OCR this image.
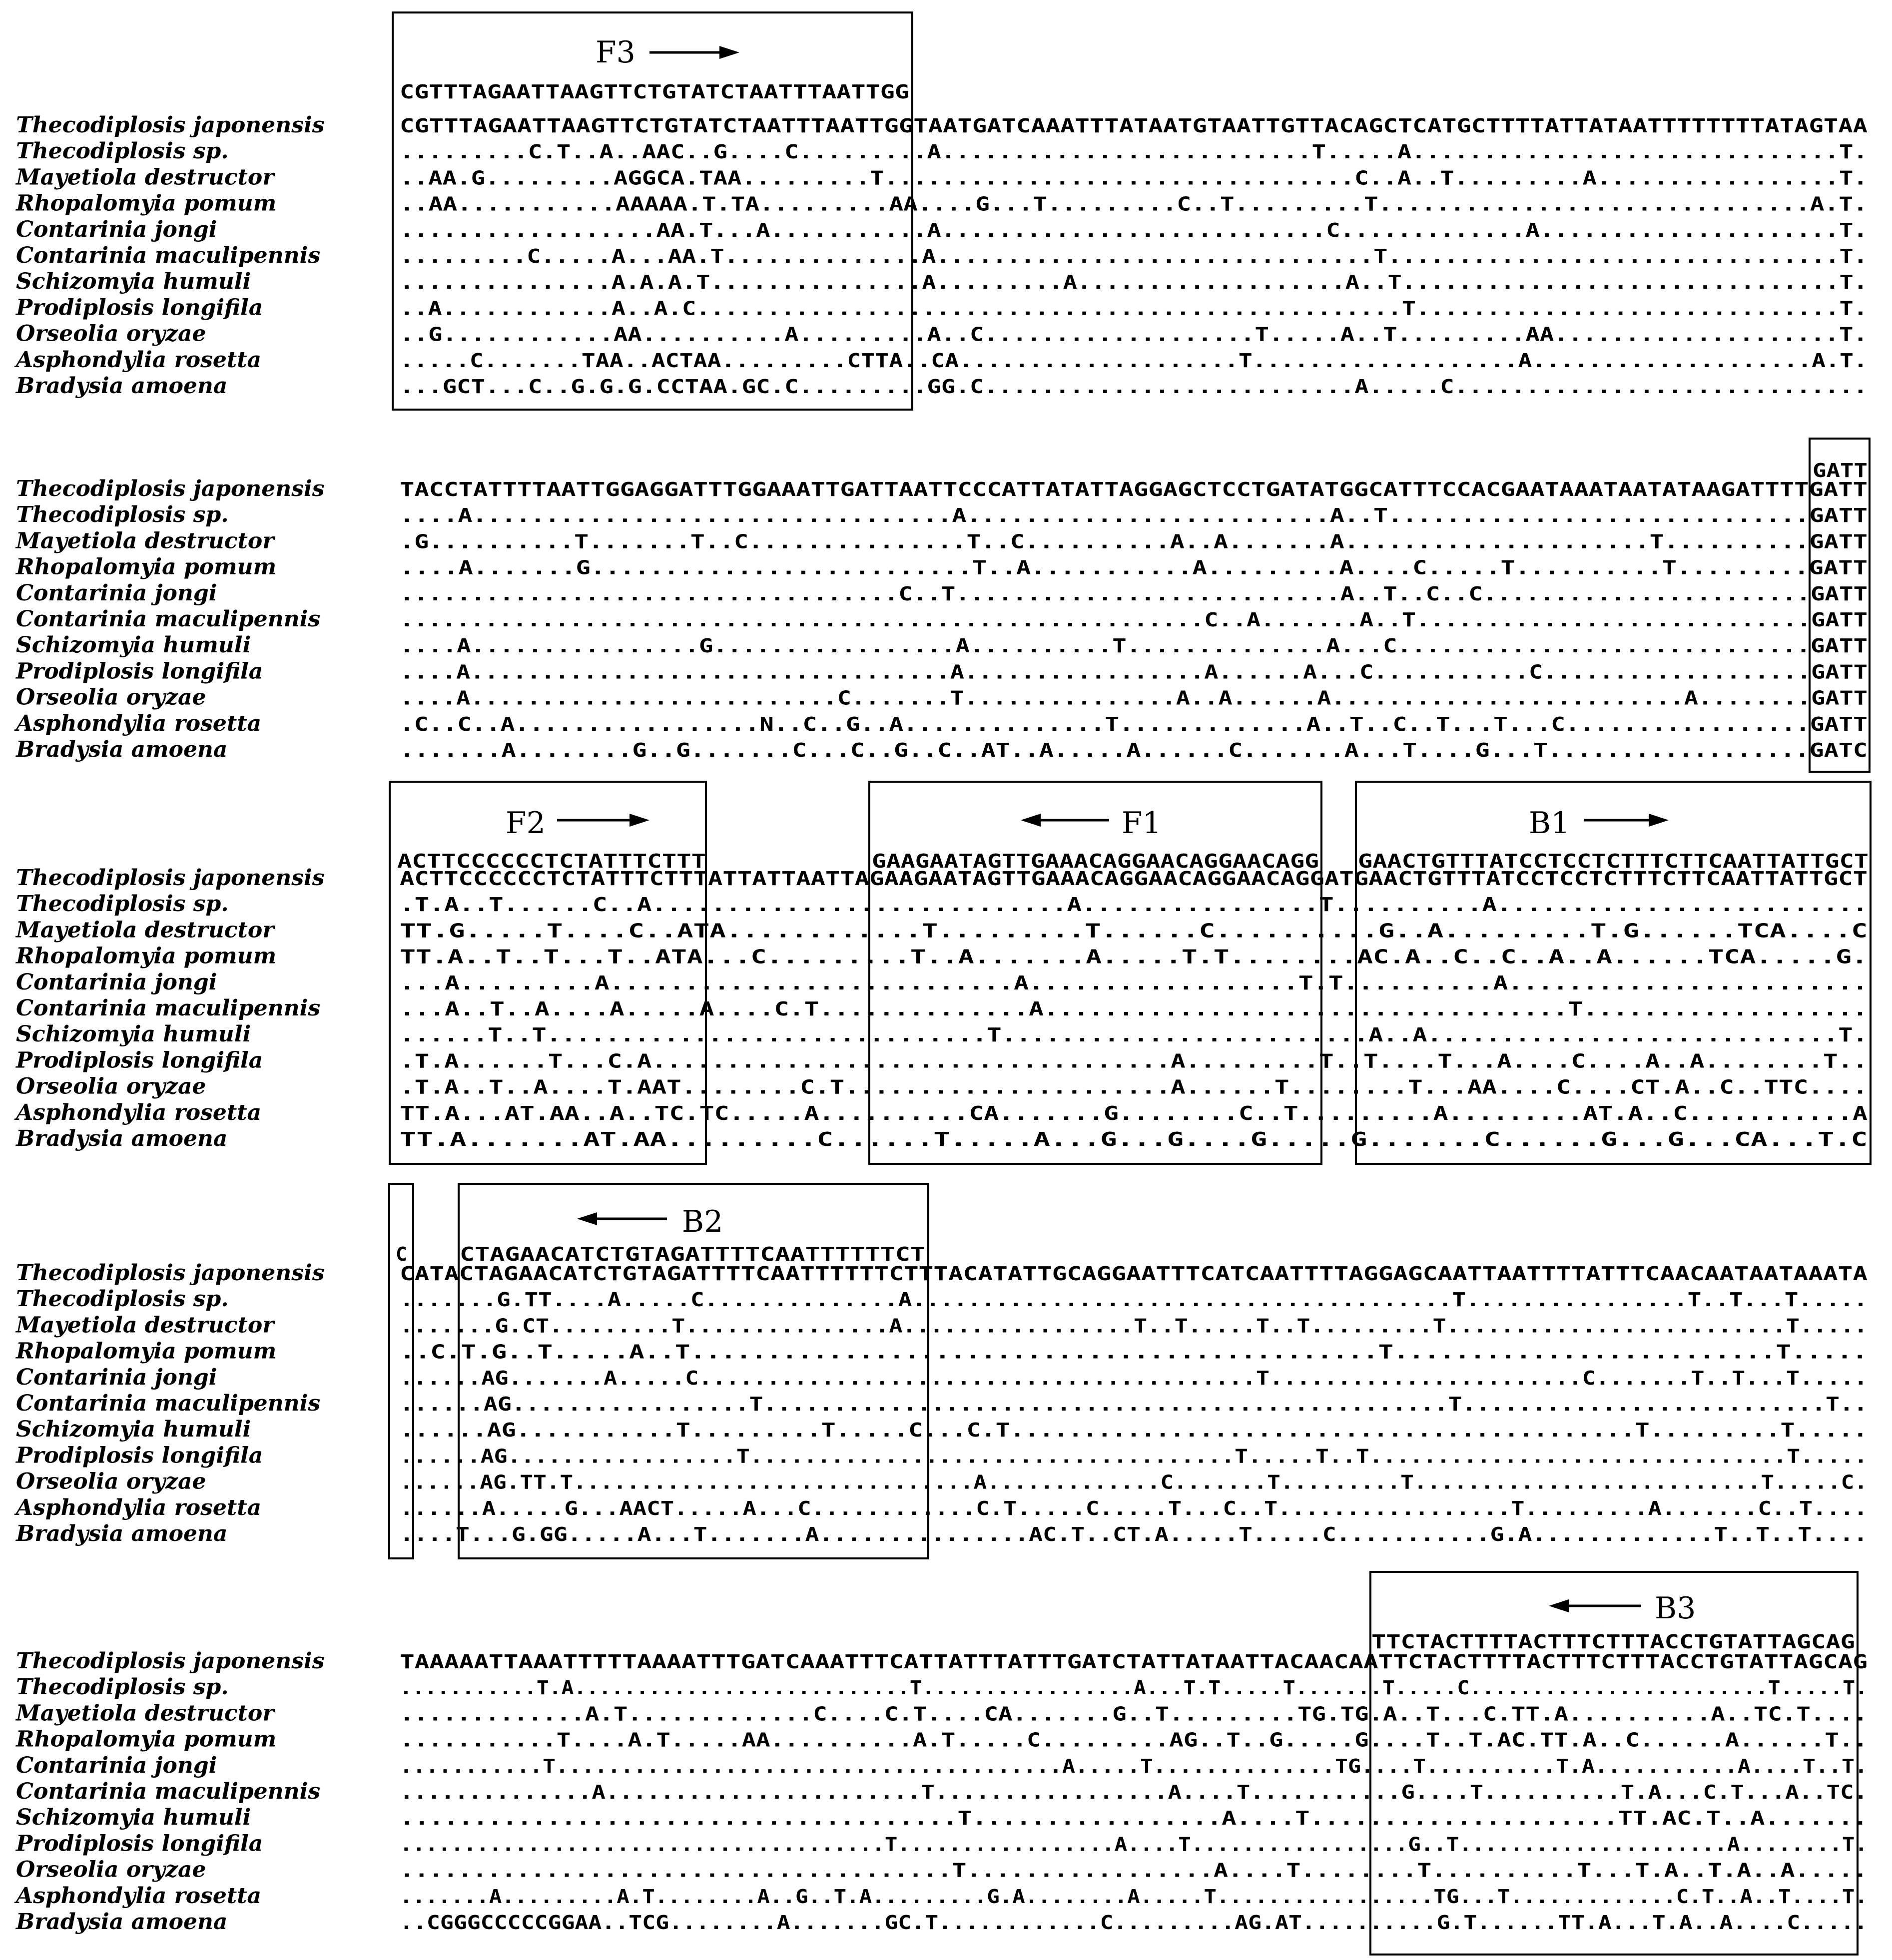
Thecodiplosis japonensis
Thecodiplosis sp.
Mayetiola destructor
Rhopalomyia pomum
Contarinia jongi
Contarinia maculipennis
Schizomyia humuli
Prodiplosis longifila
Orseolia oryzae
Asphondylia rosetta
Bradysia amoena
Thecodiplosis japonensis
Thecodiplosis sp.
Mayetiola destructor
Rhopalomyia pomum
Contarinia jongi
Contarinia maculipennis
Schizomyia humuli
Prodiplosis longifila
Orseolia oryzae
Asphondylia rosetta
Bradysia amoena
Thecodiplosis japonensis
Thecodiplosis sp.
Mayetiola destructor
Rhopalomyia pomum
Contarinia jongi
Contarinia maculipennis
Schizomyia humuli
Prodiplosis longifila
Orseolia oryzae
Asphondylia rosetta
Bradysia amoena
Thecodiplosis japonensis
Thecodiplosis sp.
Mayetiola destructor
Rhopalomyia pomum
Contarinia jongi
Contarinia maculipennis
Schizomyia humuli
Prodiplosis longifila
Orseolia oryzae
Asphondylia rosetta
Bradysia amoena
Thecodiplosis japonensis
Thecodiplosis sp.
Mayetiola destructor
Rhopalomyia pomum
Contarinia jongi
Contarinia maculipennis
Schizomyia humuli
Prodiplosis longifila
Orseolia oryzae
Asphondylia rosetta
Bradysia amoena
CGTTTAGAATTAAGTTCTGTATCTAATTTAATTGGTAATGATCAAATTTATAATGTAATTGTTACAGCTCATGCTTTTATTATAATTTTTTTTATAGTAA
.........C.T..A..AAC..G....C.........A..........................T.....A..............................T.
..AA.G.........AGGCA.TAA.........T.................................C..A..T.........A.................T.
..AA...........AAAAA.T.TA.........AA....G...T.........C..T.........T..............................A.T.
..................AA.T...A...........A...........................C.............A.....................T.
.........C.....A...AA.T..............A...............................T................................T.
...............A.A.A.T...............A.........A...................A..T...............................T.
..A............A..A.C..................................................T..............................T.
..G............AA..........A.........A..C...................T.....A..T.........AA....................T.
.....C.......TAA..ACTAA.........CTTA..CA....................T...................A....................A.T.
...GCT...C..G.G.G.CCTAA.GC.C.........GG.C..........................A.....C.............................
TACCTATTTTAATTGGAGGATTTGGAAATTGATTAATTCCCATTATATTAGGAGCTCCTGATATGGCATTTCCACGAATAAATAATATAAGATTTTGATT
....A.................................A.........................A..T.............................GATT
.G..........T.......T..C...............T..C..........A..A.......A.....................T..........GATT
....A.......G..........................T..A...........A.........A....C.....T..........T.........GATT
...................................C..T...........................A..T..C..C.......................GATT
.........................................................C..A.......A..T............................GATT
....A................G.................A..........T..............A...C.............................GATT
....A..................................A.................A......A...C...........C...................GATT
....A..........................C.......T...............A..A......A.........................A........GATT
.C..C..A.................N..C..G..A..............T.............A..T..C..T...T...C.................GATT
.......A........G..G.......C...C..G..C..AT..A.....A......C.......A...T....G...T..................GATC
ACTTCCCCCCTCTATTTCTTTATTATTAATTAGAAGAATAGTTGAAACAGGAACAGGAACAGGATGAACTGTTTATCCTCCTCTTTCTTCAATTATTGCT
.T.A..T......C..A............................A................T..........A.........................
TT.G.....T....C..ATA............T.........T......C..........G..A.........T.G......TCA....C
TT.A..T..T...T..ATA...C.........T..A.......A.....T.T........AC.A..C..C..A..A......TCA.....G.
...A.........A...........................A..................T.T..........A........................
...A..T..A....A.....A....C.T..............A...................................T...................
......T..T..............................T.........................A..A............................T.
.T.A......T...C.A...................................A.........T..T....T...A....C....A..A........T..
.T.A..T..A....T.AAT........C.T......................A......T........T...AA....C....CT.A..C..TTC....
TT.A...AT.AA..A..TC.TC.....A..........CA.......G........C..T.........A.........AT.A..C...........A
TT.A.......AT.AA.........C......T.....A...G...G....G.....G.......C......G...G...CA...T.C
CATACTAGAACATCTGTAGATTTTCAATTTTTTCTTTACATATTGCAGGAATTTCATCAATTTTAGGAGCAATTAATTTTATTTCAACAATAATAAATA
.......G.TT....A.....C..............A.......................................T................T..T...T.....
.......G.CT.........T...............A.................T..T.....T..T.........T.........................T.....
..C.T.G..T.....A..T.............................................T.........................T.....
......AG.......A.....C.........................................T.......................C.......T..T...T.....
......AG.................T.................................................T..........................T..
......AG...........T.........T.....C...C.T...........................................T.........T.....
......AG.................T....................................T.....T..T...............................T.....
......AG.TT.T..............................A.............C.......T.........T..........................T.....C.
......A.....G...AACT.....A...C............C.T.....C.....T...C..T.................T.........A.......C..T....
....T...G.GG.....A...T.......A...............AC.T..CT.A.....T.....C...........G.A.............T..T..T....
TAAAAATTAAATTTTTAAAATTTGATCAAATTTCATTATTTATTTGATCTATTATAATTACAACAATTCTACTTTTACTTTCTTTACCTGTATTAGCAG
...........T.A...........................T.................A...T.T.....T.......T.....C........................T.....T.
.............A.T.............C....C.T....CA.......G..T.........TG.TG.A..T...C.TT.A..........A..TC.T....
...........T....A.T.....AA..........A.T.....C.........AG..T..G.....G....T..T.AC.TT.A..C......A......T..
...........T.......................................A.....T..............TG....T..........T.A...........A....T..T.
..............A.......................T.................A....T...........G....T..........T.A...C.T...A..TC.
......................................T.................A....T.....................TT.AC.T..A.......
......................................T.................A....T.................G..T.....................A........T.
......................................T.................A....T........T..........T...T.A..T.A..A.....
.......A.........A.T........A..G..T.A.........G.A........A.....T.................TG...T.............C.T..A..T....T.
..CGGGCCCCCGGAA..TCG........A.......GC.T............C.........AG.AT..........G.T......TT.A...T.A..A....C.....
F3
CGTTTAGAATTAAGTTCTGTATCTAATTTAATTGG
GATT
F2
ACTTCCCCCCTCTATTTCTTT
F1
GAAGAATAGTTGAAACAGGAACAGGAACAGG
B1
GAACTGTTTATCCTCCTCTTTCTTCAATTATTGCT
C
B2
CTAGAACATCTGTAGATTTTCAATTTTTTCT
B3
TTCTACTTTTACTTTCTTTACCTGTATTAGCAG
